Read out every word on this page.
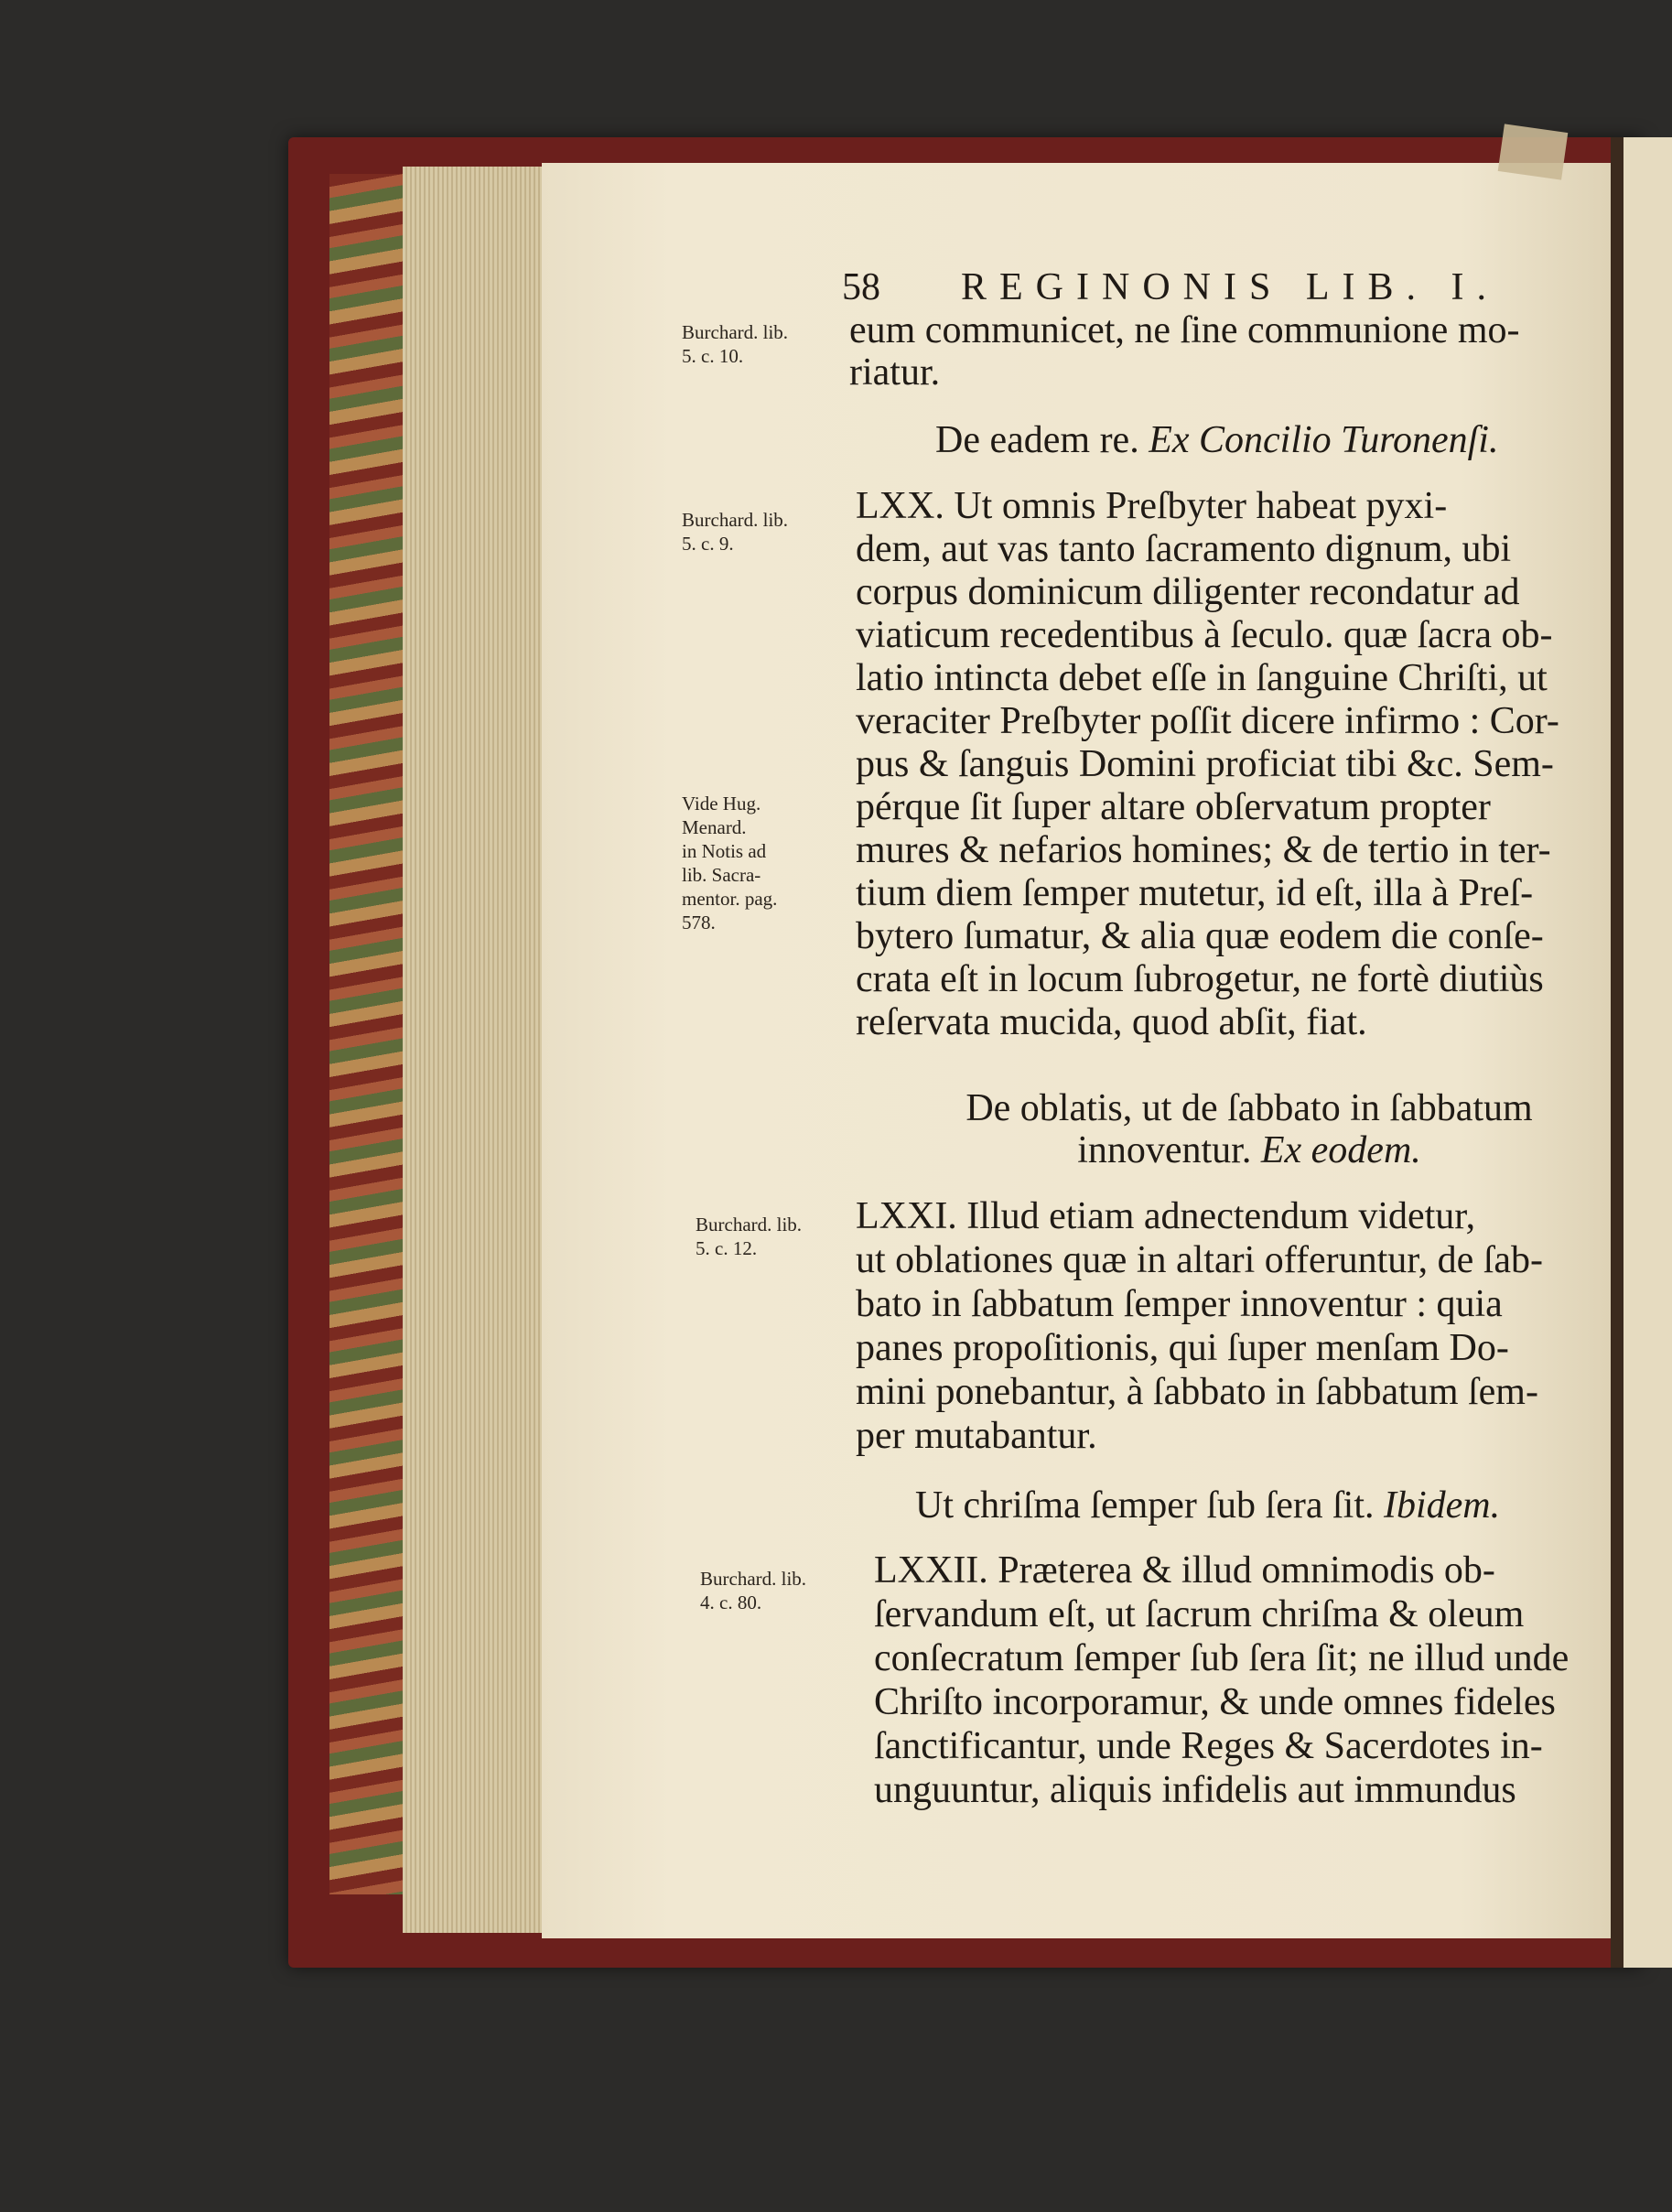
58 REGINONIS LIB. I.

Burchard. lib.
5. c. 10.
Burchard. lib.
5. c. 9.
Vide Hug.
Menard.
in Notis ad
lib. Sacra-
mentor. pag.
578.
Burchard. lib.
5. c. 12.
Burchard. lib.
4. c. 80.
eum communicet, ne ſine communione mo-
riatur.
De eadem re. Ex Concilio Turonenſi.
LXX. Ut omnis Preſbyter habeat pyxi-
dem, aut vas tanto ſacramento dignum, ubi
corpus dominicum diligenter recondatur ad
viaticum recedentibus à ſeculo. quæ ſacra ob-
latio intincta debet eſſe in ſanguine Chriſti, ut
veraciter Preſbyter poſſit dicere infirmo : Cor-
pus & ſanguis Domini proficiat tibi &c. Sem-
pérque ſit ſuper altare obſervatum propter
mures & nefarios homines; & de tertio in ter-
tium diem ſemper mutetur, id eſt, illa à Preſ-
bytero ſumatur, & alia quæ eodem die conſe-
crata eſt in locum ſubrogetur, ne fortè diutiùs
reſervata mucida, quod abſit, fiat.
De oblatis, ut de ſabbato in ſabbatum
innoventur. Ex eodem.
LXXI. Illud etiam adnectendum videtur,
ut oblationes quæ in altari offeruntur, de ſab-
bato in ſabbatum ſemper innoventur : quia
panes propoſitionis, qui ſuper menſam Do-
mini ponebantur, à ſabbato in ſabbatum ſem-
per mutabantur.
Ut chriſma ſemper ſub ſera ſit. Ibidem.
LXXII. Præterea & illud omnimodis ob-
ſervandum eſt, ut ſacrum chriſma & oleum
conſecratum ſemper ſub ſera ſit; ne illud unde
Chriſto incorporamur, & unde omnes fideles
ſanctificantur, unde Reges & Sacerdotes in-
unguuntur, aliquis infidelis aut immundus
